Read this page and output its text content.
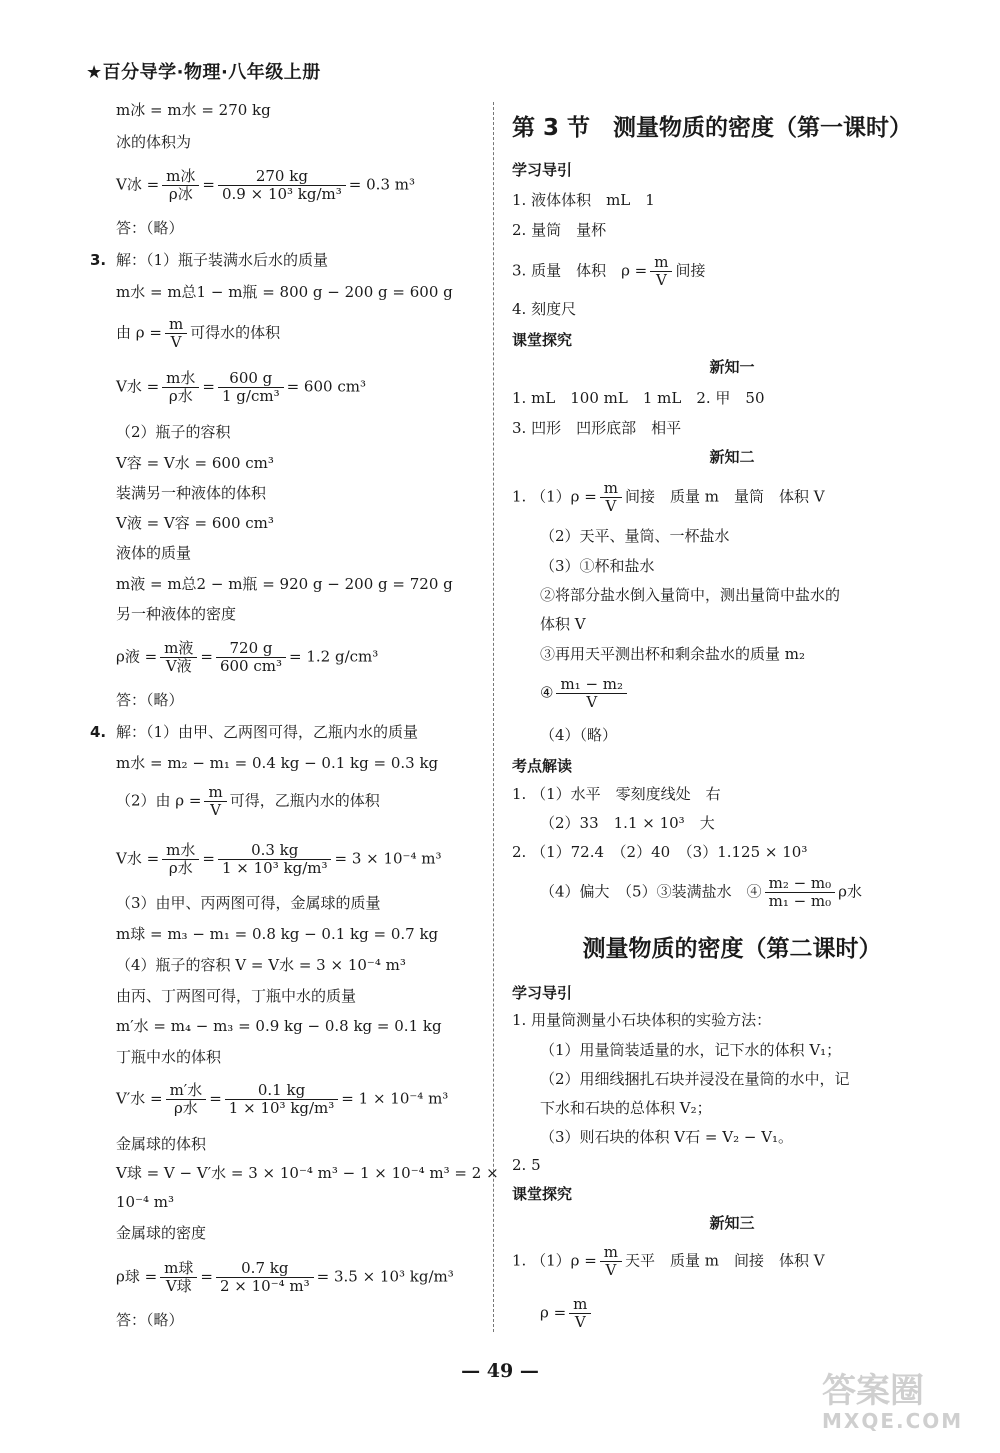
★百分导学·物理·八年级上册
m冰 = m水 = 270 kg
冰的体积为
V冰 = $\frac{\text{m冰}}{\text{ρ冰}} = \frac{270 kg}{\text{0.9 × 10³ kg/m³}} = 0.3$ m³
答：（略）
3. 解：（1）瓶子装满水后水的质量
m水 = m总1 − m瓶 = 800 g − 200 g = 600 g
由 $\rho = \frac{m}{V}$ 可得水的体积
V水 = $\frac{\text{m水}}{\text{ρ水}} = \frac{600 g}{\text{1 g/cm³}} = 600$ cm³
（2）瓶子的容积
V容 = V水 = 600 cm³
装满另一种液体的体积
V液 = V容 = 600 cm³
液体的质量
m液 = m总2 − m瓶 = 920 g − 200 g = 720 g
另一种液体的密度
ρ液 = $\frac{\text{m液}}{\text{V液}} = \frac{720 g}{\text{600 cm³}} = 1.2$ g/cm³
答：（略）
4. 解：（1）由甲、乙两图可得，乙瓶内水的质量
m水 = m₂ − m₁ = 0.4 kg − 0.1 kg = 0.3 kg
（2）由 $\rho = \frac{m}{V}$ 可得，乙瓶内水的体积
V水 = $\frac{\text{m水}}{\text{ρ水}} = \frac{0.3 kg}{\text{1 × 10³ kg/m³}} = 3 \times 10^{-4}$ m³
（3）由甲、丙两图可得，金属球的质量
m球 = m₃ − m₁ = 0.8 kg − 0.1 kg = 0.7 kg
（4）瓶子的容积 V = V水 = 3 × 10⁻⁴ m³
由丙、丁两图可得，丁瓶中水的质量
m′水 = m₄ − m₃ = 0.9 kg − 0.8 kg = 0.1 kg
丁瓶中水的体积
V′水 = $\frac{\text{m′水}}{\text{ρ水}} = \frac{0.1 kg}{\text{1 × 10³ kg/m³}} = 1 \times 10^{-4}$ m³
金属球的体积
V球 = V − V′水 = 3 × 10⁻⁴ m³ − 1 × 10⁻⁴ m³ = 2 ×
10⁻⁴ m³
金属球的密度
ρ球 = $\frac{\text{m球}}{\text{V球}} = \frac{0.7 kg}{\text{2 × 10⁻⁴ m³}} = 3.5 \times 10^3$ kg/m³
答：（略）
第 3 节　测量物质的密度（第一课时）
学习导引
1. 液体体积　mL　1
2. 量筒　量杯
3. 质量　体积　$\rho = \frac{m}{V}$ 间接
4. 刻度尺
课堂探究
新知一
1. mL　100 mL　1 mL　2. 甲　50
3. 凹形　凹形底部　相平
新知二
1. $(1)\rho = \frac{m}{V}$ 间接　质量 m　量筒　体积 V
（2）天平、量筒、一杯盐水
（3）①杯和盐水
②将部分盐水倒入量筒中，测出量筒中盐水的
体积 V
③再用天平测出杯和剩余盐水的质量 m₂
④ $\frac{\text{m₁ − m₂}}{V}$
（4）（略）
考点解读
1. （1）水平　零刻度线处　右
（2）33　1.1 × 10³　大
2. （1）72.4　（2）40　（3）1.125 × 10³
（4）偏大　（5）③装满盐水　④ $\frac{\text{m₂ − m₀}}{\text{m₁ − m₀}}$ ρ水
测量物质的密度（第二课时）
学习导引
1. 用量筒测量小石块体积的实验方法：
（1）用量筒装适量的水，记下水的体积 V₁；
（2）用细线捆扎石块并浸没在量筒的水中，记
下水和石块的总体积 V₂；
（3）则石块的体积 V石 = V₂ − V₁。
2. 5
课堂探究
新知三
1. $(1)\rho = \frac{m}{V}$ 天平　质量 m　间接　体积 V
$\rho = \frac{m}{V}$
— 49 —	答案圈
MXQE.COM
